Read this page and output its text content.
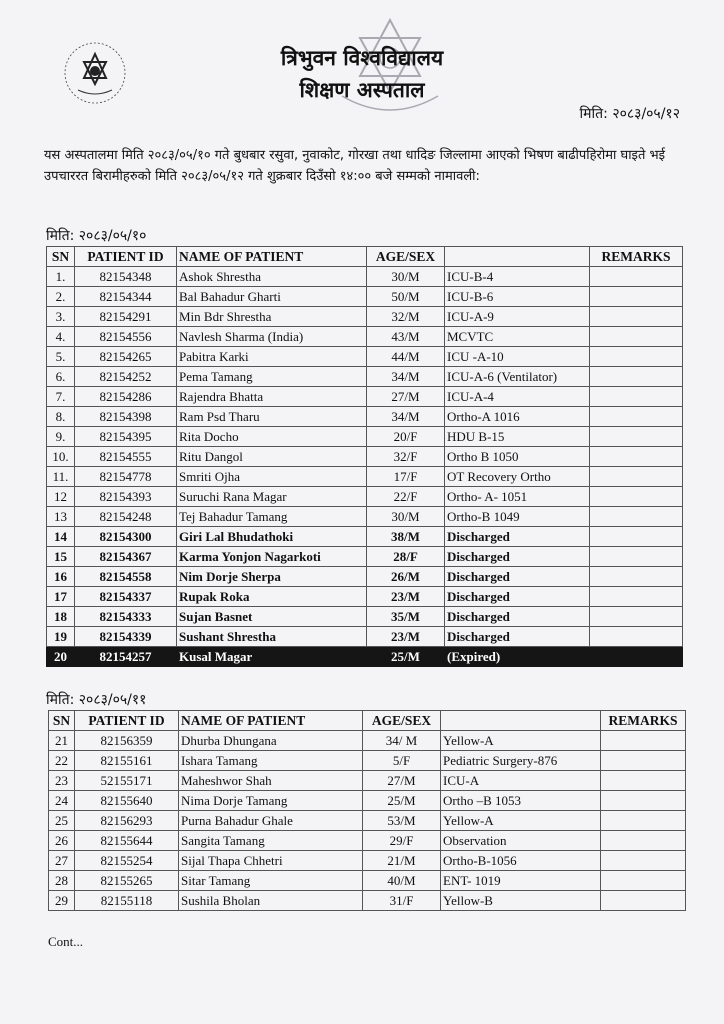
त्रिभुवन विश्वविद्यालय
शिक्षण अस्पताल
मिति: २०८३/०५/१२
यस अस्पतालमा मिति २०८३/०५/१० गते बुधबार रसुवा, नुवाकोट, गोरखा तथा धादिङ जिल्लामा आएको भिषण बाढीपहिरोमा घाइते भई उपचाररत बिरामीहरुको मिति २०८३/०५/१२ गते शुक्रबार दिउँसो १४:०० बजे सम्मको नामावली:
मिति: २०८३/०५/१०
SN	PATIENT ID	NAME OF PATIENT	AGE/SEX		REMARKS
1.	82154348	Ashok Shrestha	30/M	ICU-B-4	
2.	82154344	Bal Bahadur Gharti	50/M	ICU-B-6	
3.	82154291	Min Bdr Shrestha	32/M	ICU-A-9	
4.	82154556	Navlesh Sharma (India)	43/M	MCVTC	
5.	82154265	Pabitra Karki	44/M	ICU -A-10	
6.	82154252	Pema Tamang	34/M	ICU-A-6 (Ventilator)	
7.	82154286	Rajendra Bhatta	27/M	ICU-A-4	
8.	82154398	Ram Psd Tharu	34/M	Ortho-A 1016	
9.	82154395	Rita Docho	20/F	HDU B-15	
10.	82154555	Ritu Dangol	32/F	Ortho B 1050	
11.	82154778	Smriti Ojha	17/F	OT Recovery Ortho	
12	82154393	Suruchi Rana Magar	22/F	Ortho- A- 1051	
13	82154248	Tej Bahadur Tamang	30/M	Ortho-B 1049	
14	82154300	Giri Lal Bhudathoki	38/M	Discharged	
15	82154367	Karma Yonjon Nagarkoti	28/F	Discharged	
16	82154558	Nim Dorje Sherpa	26/M	Discharged	
17	82154337	Rupak Roka	23/M	Discharged	
18	82154333	Sujan Basnet	35/M	Discharged	
19	82154339	Sushant Shrestha	23/M	Discharged	
20	82154257	Kusal Magar	25/M	(Expired)	
मिति: २०८३/०५/११
SN	PATIENT ID	NAME OF PATIENT	AGE/SEX		REMARKS
21	82156359	Dhurba Dhungana	34/ M	Yellow-A	
22	82155161	Ishara Tamang	5/F	Pediatric Surgery-876	
23	52155171	Maheshwor Shah	27/M	ICU-A	
24	82155640	Nima Dorje Tamang	25/M	Ortho –B 1053	
25	82156293	Purna Bahadur Ghale	53/M	Yellow-A	
26	82155644	Sangita Tamang	29/F	Observation	
27	82155254	Sijal Thapa Chhetri	21/M	Ortho-B-1056	
28	82155265	Sitar Tamang	40/M	ENT- 1019	
29	82155118	Sushila Bholan	31/F	Yellow-B	
Cont...
